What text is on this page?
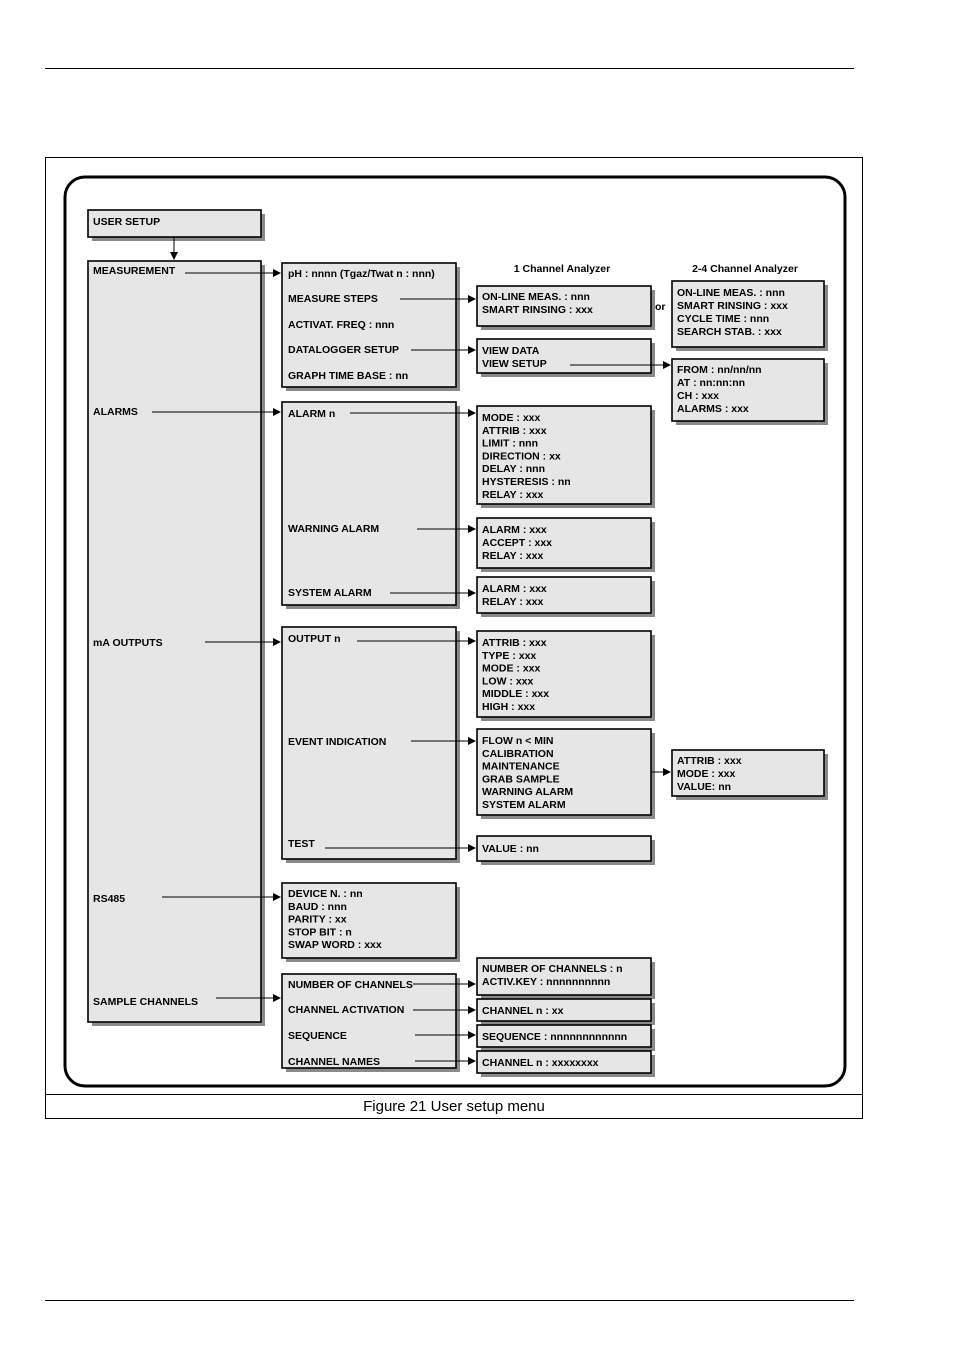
1 Channel Analyzer	2-4 Channel Analyzer
or
USER SETUP
MEASUREMENT
ALARMS
mA OUTPUTS
RS485
SAMPLE CHANNELS
pH : nnnn (Tgaz/Twat n : nnn)
MEASURE STEPS
ACTIVAT. FREQ : nnn
DATALOGGER SETUP
GRAPH TIME BASE : nn
ALARM n
WARNING ALARM
SYSTEM ALARM
OUTPUT n
EVENT INDICATION
TEST
NUMBER OF CHANNELS
CHANNEL ACTIVATION
SEQUENCE
CHANNEL NAMES
ON-LINE MEAS. : nnn
SMART RINSING : xxx
ON-LINE MEAS. : nnn
SMART RINSING : xxx
CYCLE TIME : nnn
SEARCH STAB. : xxx
VIEW DATA
VIEW SETUP	FROM : nn/nn/nn
AT : nn:nn:nn
CH : xxx
ALARMS : xxx
MODE : xxx
ATTRIB : xxx
LIMIT : nnn
DIRECTION : xx
DELAY : nnn
HYSTERESIS : nn
RELAY : xxx
ALARM : xxx
ACCEPT : xxx
RELAY : xxx
ALARM : xxx
RELAY : xxx
ATTRIB : xxx
TYPE : xxx
MODE : xxx
LOW : xxx
MIDDLE : xxx
HIGH : xxx
FLOW n < MIN
CALIBRATION
MAINTENANCE
GRAB SAMPLE
WARNING ALARM
SYSTEM ALARM
ATTRIB : xxx
MODE : xxx
VALUE: nn
VALUE : nn
DEVICE N. : nn
BAUD : nnn
PARITY : xx
STOP BIT : n
SWAP WORD : xxx
NUMBER OF CHANNELS : n
ACTIV.KEY : nnnnnnnnnn
CHANNEL n : xx
SEQUENCE : nnnnnnnnnnnn
CHANNEL n : xxxxxxxx
Figure 21 User setup menu
